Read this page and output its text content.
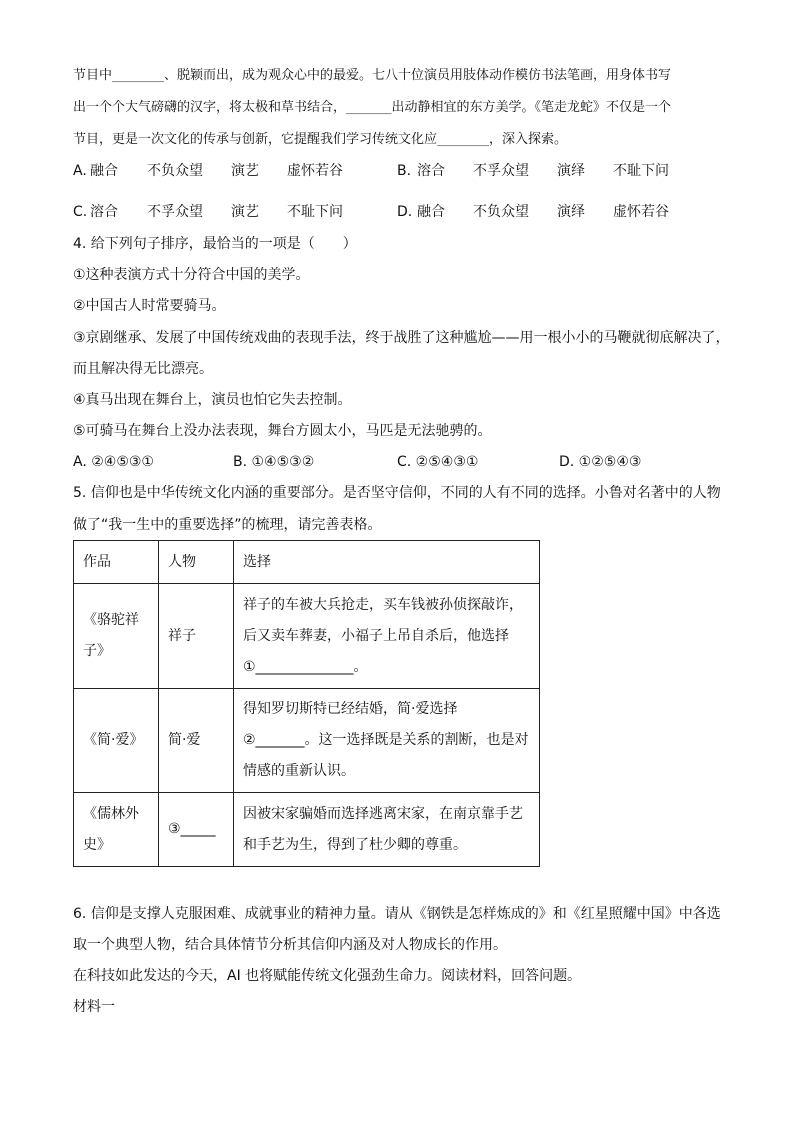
节目中________、脱颖而出，成为观众心中的最爱。七八十位演员用肢体动作模仿书法笔画，用身体书写
出一个个大气磅礴的汉字，将太极和草书结合，_______出动静相宜的东方美学。《笔走龙蛇》不仅是一个
节目，更是一次文化的传承与创新，它提醒我们学习传统文化应________，深入探索。
A. 融合 不负众望 演艺 虚怀若谷	B. 溶合 不孚众望 演绎 不耻下问
C. 溶合 不孚众望 演艺 不耻下问	D. 融合 不负众望 演绎 虚怀若谷
4. 给下列句子排序，最恰当的一项是（　　）
①这种表演方式十分符合中国的美学。
②中国古人时常要骑马。
③京剧继承、发展了中国传统戏曲的表现手法，终于战胜了这种尴尬——用一根小小的马鞭就彻底解决了，
而且解决得无比漂亮。
④真马出现在舞台上，演员也怕它失去控制。
⑤可骑马在舞台上没办法表现，舞台方圆太小，马匹是无法驰骋的。
A. ②④⑤③①	B. ①④⑤③②	C. ②⑤④③①	D. ①②⑤④③
5. 信仰也是中华传统文化内涵的重要部分。是否坚守信仰，不同的人有不同的选择。小鲁对名著中的人物
做了“我一生中的重要选择”的梳理，请完善表格。
作品	人物	选择

《骆驼祥
子》	祥子	祥子的车被大兵抢走，买车钱被孙侦探敲诈，
后又卖车葬妻，小福子上吊自杀后，他选择
①______________。

《简·爱》	简·爱	得知罗切斯特已经结婚，简·爱选择
②_______。这一选择既是关系的割断，也是对
情感的重新认识。

《儒林外
史》	③_____	因被宋家骗婚而选择逃离宋家，在南京靠手艺
和手艺为生，得到了杜少卿的尊重。
6. 信仰是支撑人克服困难、成就事业的精神力量。请从《钢铁是怎样炼成的》和《红星照耀中国》中各选
取一个典型人物，结合具体情节分析其信仰内涵及对人物成长的作用。
在科技如此发达的今天，AI 也将赋能传统文化强劲生命力。阅读材料，回答问题。
材料一
